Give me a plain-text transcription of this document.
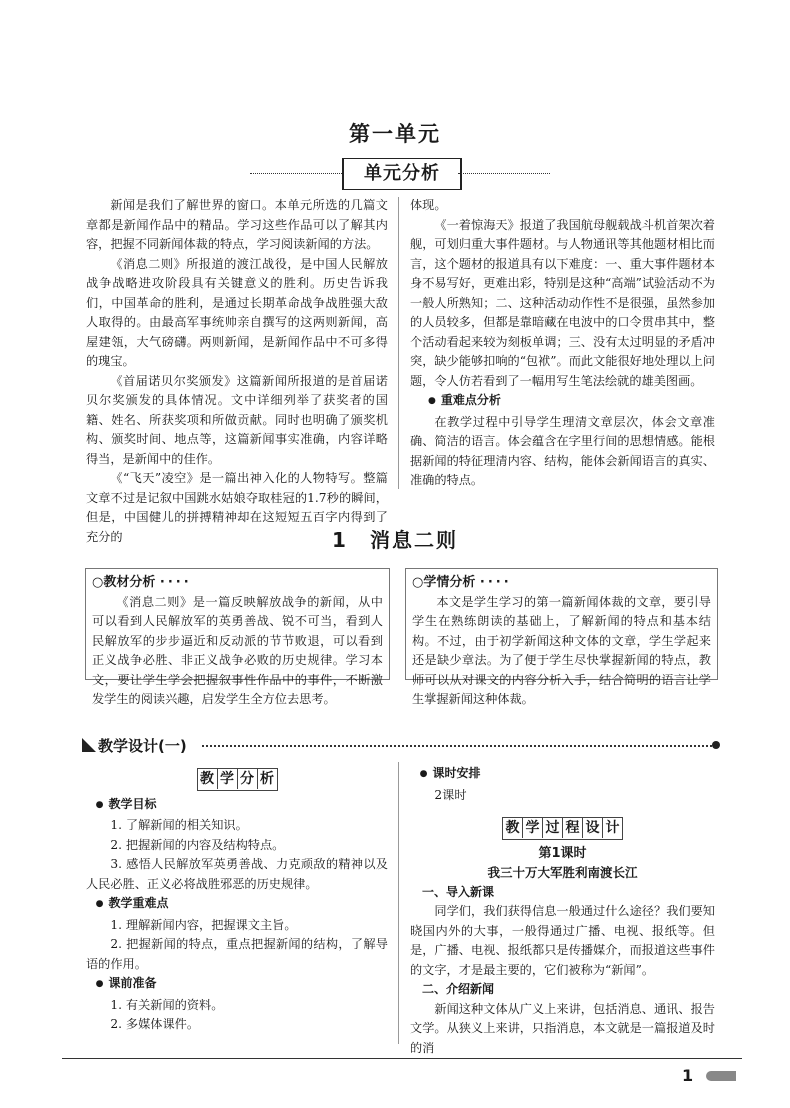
第一单元
单元分析

新闻是我们了解世界的窗口。本单元所选的几篇文章都是新闻作品中的精品。学习这些作品可以了解其内容，把握不同新闻体裁的特点，学习阅读新闻的方法。

《消息二则》所报道的渡江战役，是中国人民解放战争战略进攻阶段具有关键意义的胜利。历史告诉我们，中国革命的胜利，是通过长期革命战争战胜强大敌人取得的。由最高军事统帅亲自撰写的这两则新闻，高屋建瓴，大气磅礴。两则新闻，是新闻作品中不可多得的瑰宝。

《首届诺贝尔奖颁发》这篇新闻所报道的是首届诺贝尔奖颁发的具体情况。文中详细列举了获奖者的国籍、姓名、所获奖项和所做贡献。同时也明确了颁奖机构、颁奖时间、地点等，这篇新闻事实准确，内容详略得当，是新闻中的佳作。

《“飞天”凌空》是一篇出神入化的人物特写。整篇文章不过是记叙中国跳水姑娘夺取桂冠的1.7秒的瞬间，但是，中国健儿的拼搏精神却在这短短五百字内得到了充分的

体现。

《一着惊海天》报道了我国航母舰载战斗机首架次着舰，可划归重大事件题材。与人物通讯等其他题材相比而言，这个题材的报道具有以下难度：一、重大事件题材本身不易写好，更难出彩，特别是这种“高端”试验活动不为一般人所熟知；二、这种活动动作性不是很强，虽然参加的人员较多，但都是靠暗藏在电波中的口令贯串其中，整个活动看起来较为刻板单调；三、没有太过明显的矛盾冲突，缺少能够扣响的“包袱”。而此文能很好地处理以上问题，令人仿若看到了一幅用写生笔法绘就的雄美图画。

● 重难点分析

在教学过程中引导学生理清文章层次，体会文章准确、简洁的语言。体会蕴含在字里行间的思想情感。能根据新闻的特征理清内容、结构，能体会新闻语言的真实、准确的特点。

1　消息二则
○教材分析 ····

《消息二则》是一篇反映解放战争的新闻，从中可以看到人民解放军的英勇善战、锐不可当，看到人民解放军的步步逼近和反动派的节节败退，可以看到正义战争必胜、非正义战争必败的历史规律。学习本文，要让学生学会把握叙事性作品中的事件，不断激发学生的阅读兴趣，启发学生全方位去思考。

○学情分析 ····

本文是学生学习的第一篇新闻体裁的文章，要引导学生在熟练朗读的基础上，了解新闻的特点和基本结构。不过，由于初学新闻这种文体的文章，学生学起来还是缺少章法。为了便于学生尽快掌握新闻的特点，教师可以从对课文的内容分析入手，结合简明的语言让学生掌握新闻这种体裁。

教学设计(一)
教 学 分 析

● 教学目标

1. 了解新闻的相关知识。

2. 把握新闻的内容及结构特点。

3. 感悟人民解放军英勇善战、力克顽敌的精神以及人民必胜、正义必将战胜邪恶的历史规律。

● 教学重难点

1. 理解新闻内容，把握课文主旨。

2. 把握新闻的特点，重点把握新闻的结构，了解导语的作用。

● 课前准备

1. 有关新闻的资料。

2. 多媒体课件。

● 课时安排

2课时

教 学 过 程 设 计

第1课时

我三十万大军胜利南渡长江

一、导入新课

同学们，我们获得信息一般通过什么途径？我们要知晓国内外的大事，一般得通过广播、电视、报纸等。但是，广播、电视、报纸都只是传播媒介，而报道这些事件的文字，才是最主要的，它们被称为“新闻”。

二、介绍新闻

新闻这种文体从广义上来讲，包括消息、通讯、报告文学。从狭义上来讲，只指消息，本文就是一篇报道及时的消

1
